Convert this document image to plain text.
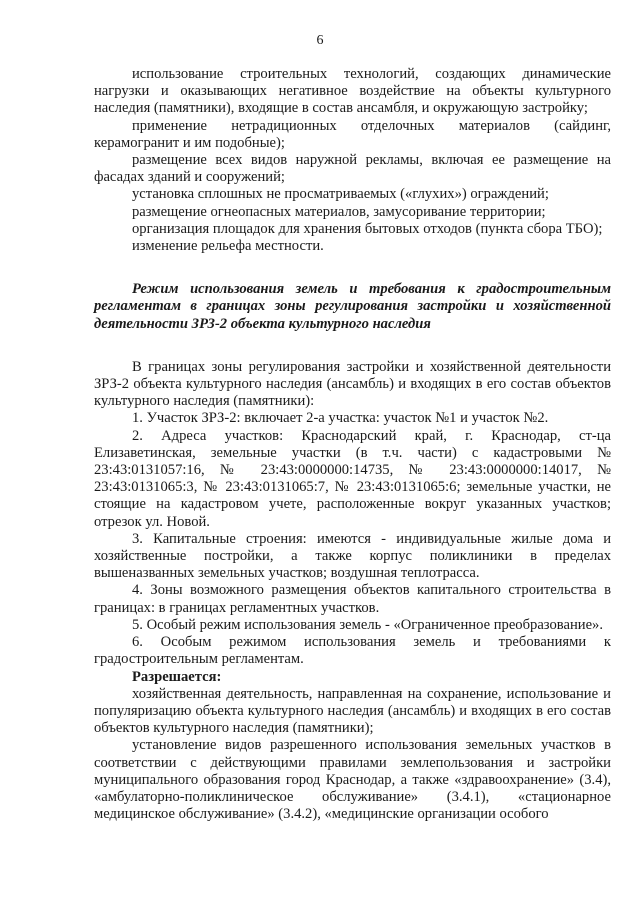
6

использование строительных технологий, создающих динамические нагрузки и оказывающих негативное воздействие на объекты культурного наследия (памятники), входящие в состав ансамбля, и окружающую застройку;

применение нетрадиционных отделочных материалов (сайдинг, керамогранит и им подобные);

размещение всех видов наружной рекламы, включая ее размещение на фасадах зданий и сооружений;

установка сплошных не просматриваемых («глухих») ограждений;

размещение огнеопасных материалов, замусоривание территории;

организация площадок для хранения бытовых отходов (пункта сбора ТБО);

изменение рельефа местности.

Режим использования земель и требования к градостроительным регламентам в границах зоны регулирования застройки и хозяйственной деятельности ЗРЗ-2 объекта культурного наследия

В границах зоны регулирования застройки и хозяйственной деятельности ЗРЗ-2 объекта культурного наследия (ансамбль) и входящих в его состав объектов культурного наследия (памятники):

1. Участок ЗРЗ-2: включает 2-а участка: участок №1 и участок №2.

2. Адреса участков: Краснодарский край, г. Краснодар, ст-ца Елизаветинская, земельные участки (в т.ч. части) с кадастровыми № 23:43:0131057:16, № 23:43:0000000:14735, № 23:43:0000000:14017, № 23:43:0131065:3, № 23:43:0131065:7, № 23:43:0131065:6; земельные участки, не стоящие на кадастровом учете, расположенные вокруг указанных участков; отрезок ул. Новой.

3. Капитальные строения: имеются - индивидуальные жилые дома и хозяйственные постройки, а также корпус поликлиники в пределах вышеназванных земельных участков; воздушная теплотрасса.

4. Зоны возможного размещения объектов капитального строительства в границах: в границах регламентных участков.

5. Особый режим использования земель - «Ограниченное преобразование».

6. Особым режимом использования земель и требованиями к градостроительным регламентам.

Разрешается:

хозяйственная деятельность, направленная на сохранение, использование и популяризацию объекта культурного наследия (ансамбль) и входящих в его состав объектов культурного наследия (памятники);

установление видов разрешенного использования земельных участков в соответствии с действующими правилами землепользования и застройки муниципального образования город Краснодар, а также «здравоохранение» (3.4), «амбулаторно-поликлиническое обслуживание» (3.4.1), «стационарное медицинское обслуживание» (3.4.2), «медицинские организации особого
